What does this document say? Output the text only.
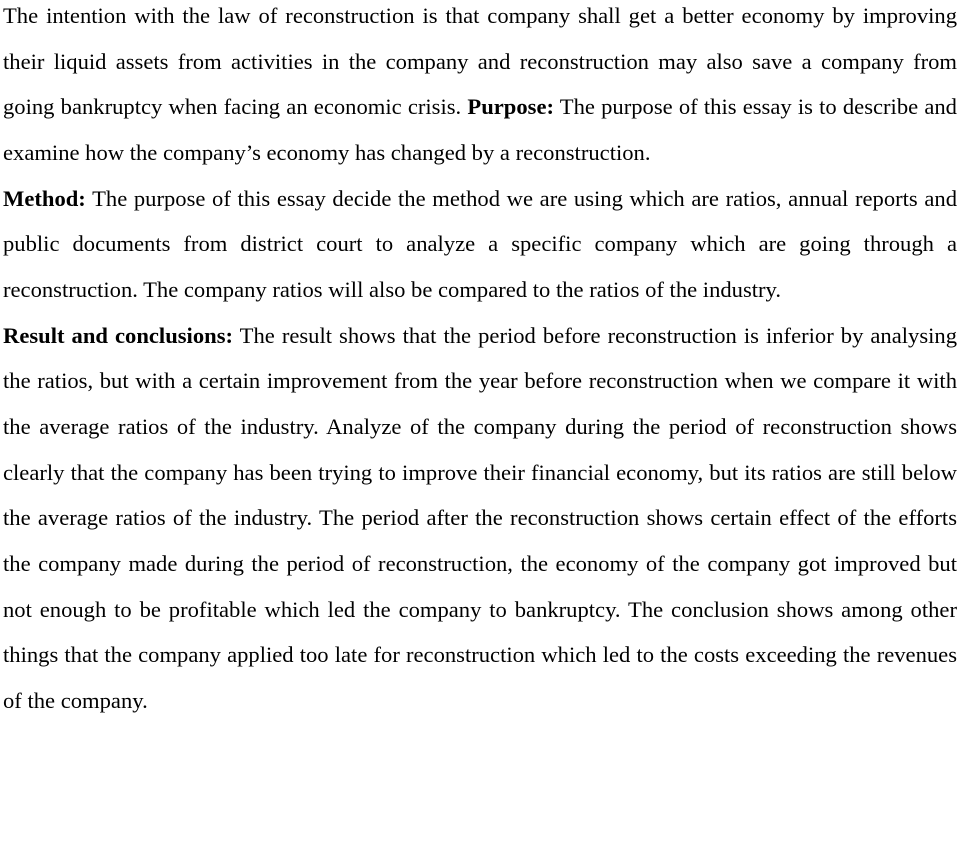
The intention with the law of reconstruction is that company shall get a better economy by improving their liquid assets from activities in the company and reconstruction may also save a company from going bankruptcy when facing an economic crisis. Purpose: The purpose of this essay is to describe and examine how the company’s economy has changed by a reconstruction.
Method: The purpose of this essay decide the method we are using which are ratios, annual reports and public documents from district court to analyze a specific company which are going through a reconstruction. The company ratios will also be compared to the ratios of the industry.
Result and conclusions: The result shows that the period before reconstruction is inferior by analysing the ratios, but with a certain improvement from the year before reconstruction when we compare it with the average ratios of the industry. Analyze of the company during the period of reconstruction shows clearly that the company has been trying to improve their financial economy, but its ratios are still below the average ratios of the industry. The period after the reconstruction shows certain effect of the efforts the company made during the period of reconstruction, the economy of the company got improved but not enough to be profitable which led the company to bankruptcy. The conclusion shows among other things that the company applied too late for reconstruction which led to the costs exceeding the revenues of the company.
